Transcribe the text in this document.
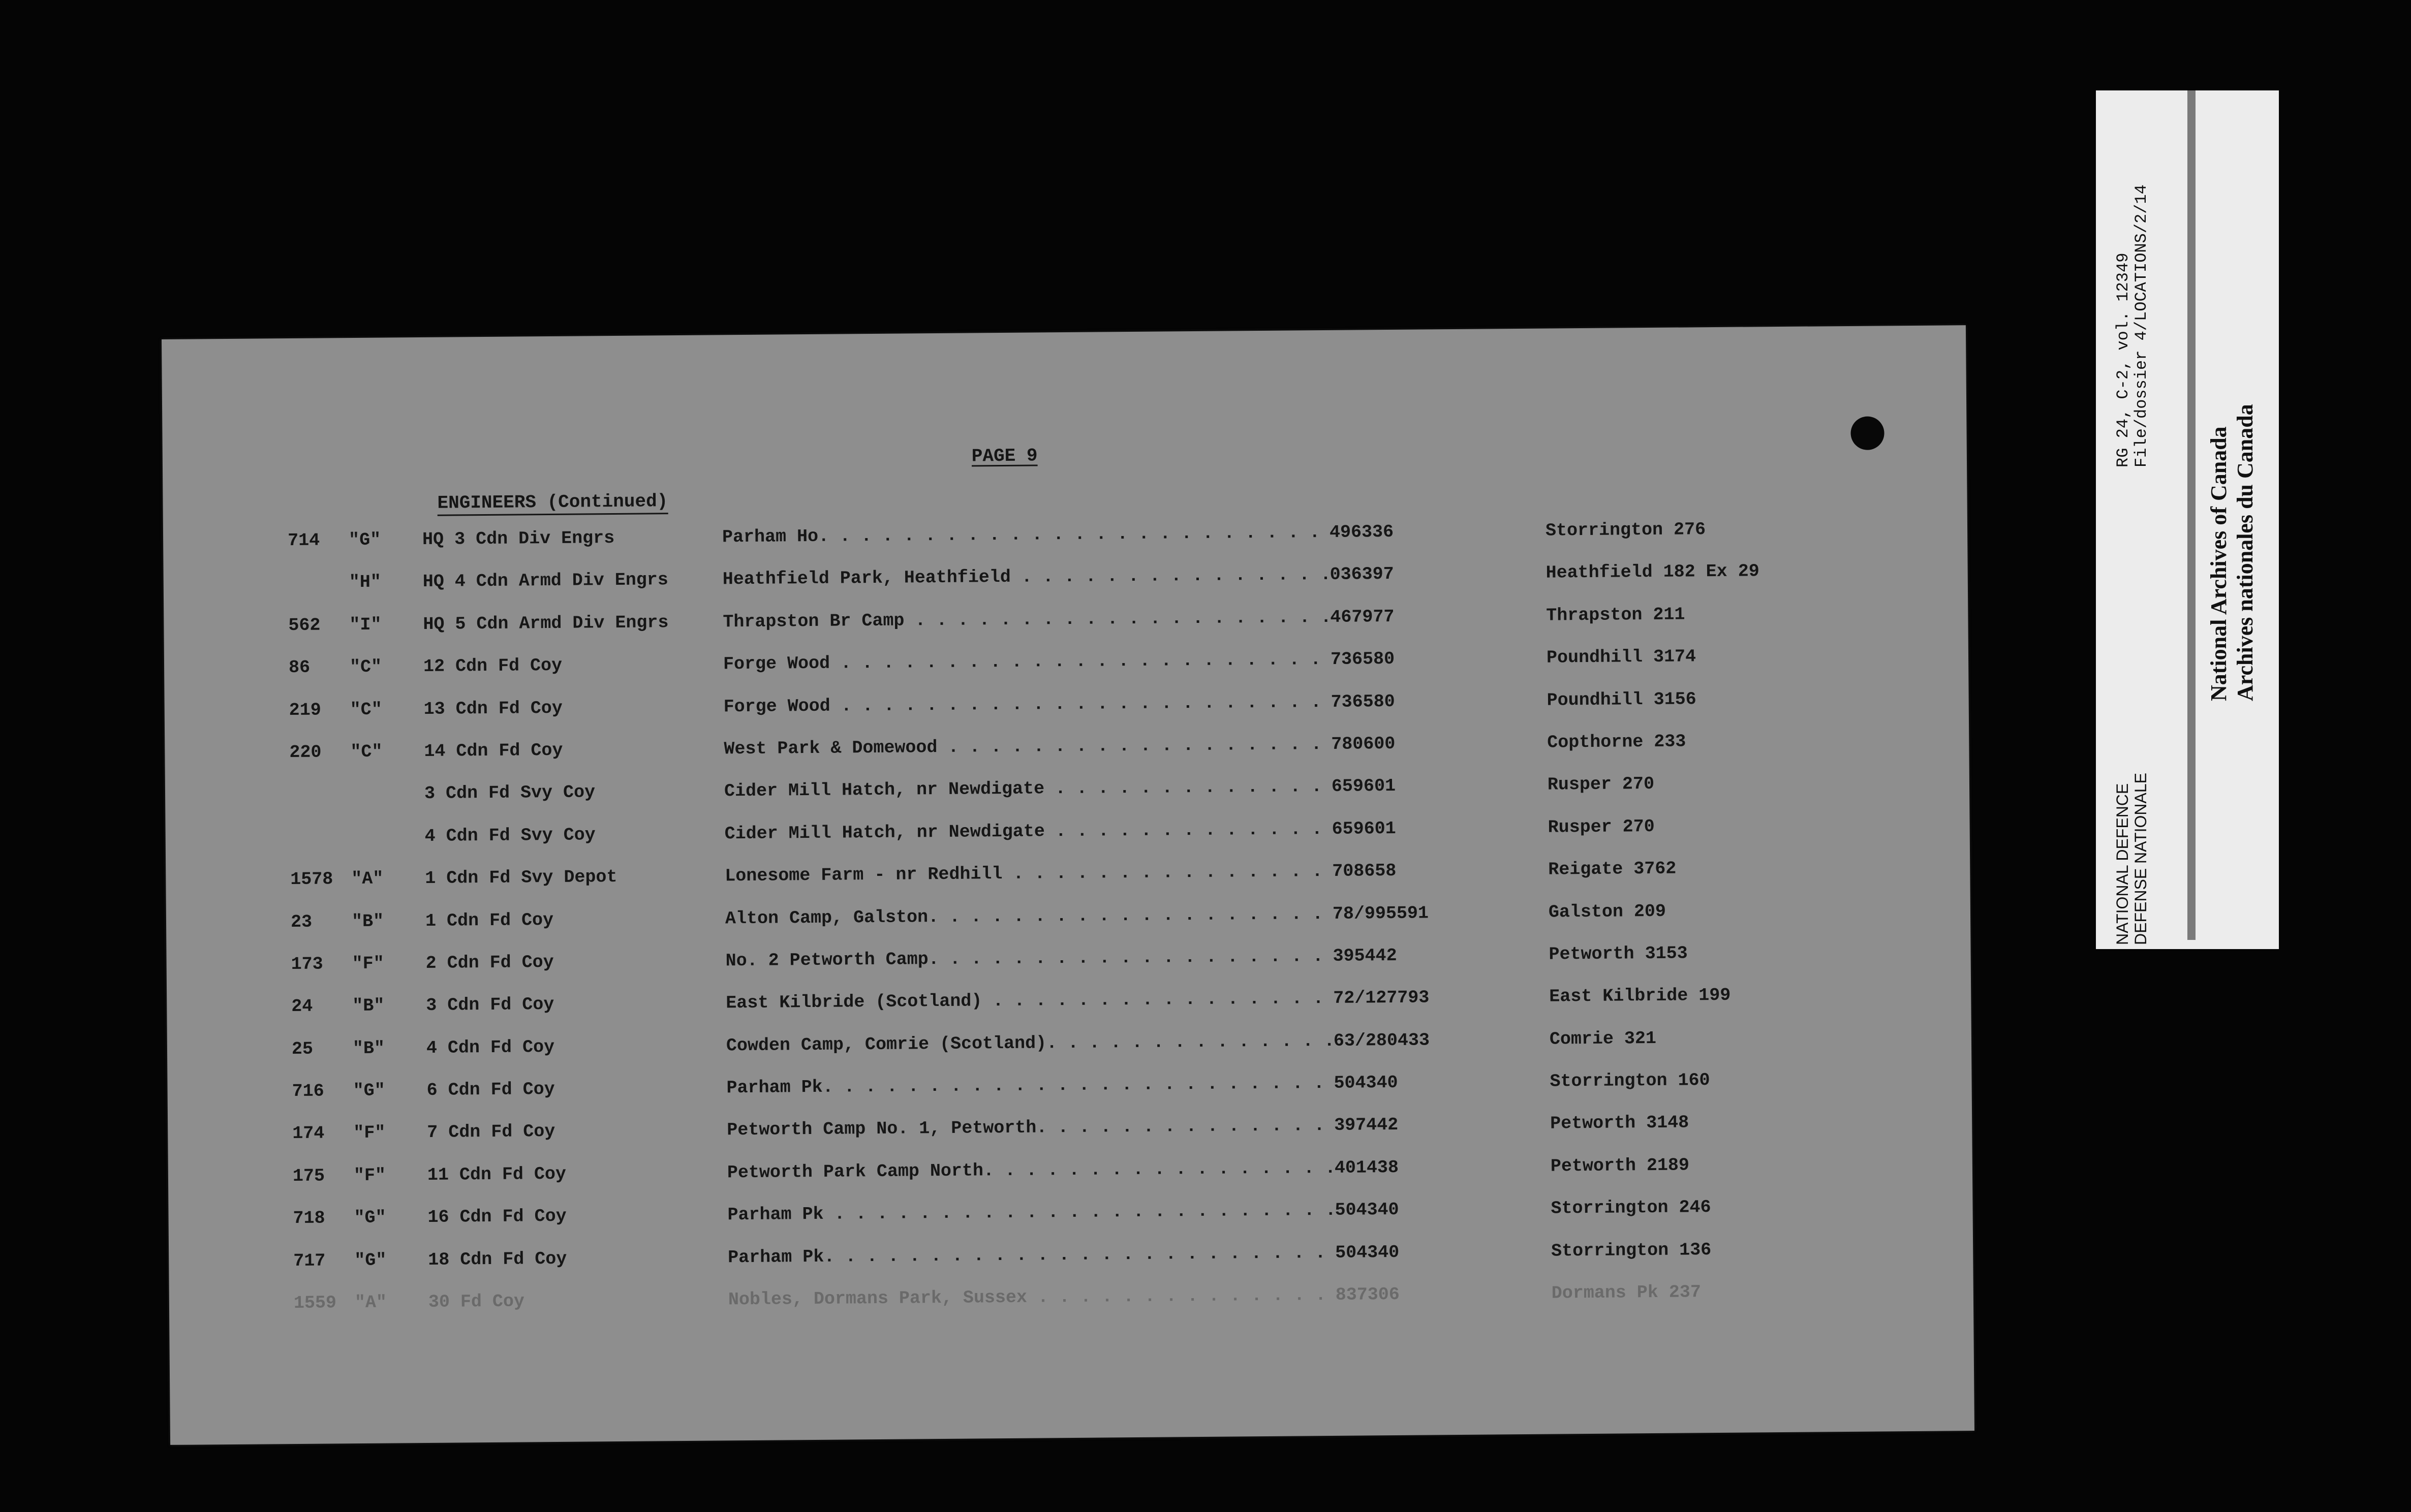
PAGE 9
ENGINEERS (Continued)
714 "G" HQ 3 Cdn Div Engrs	Parham Ho. . . .	496336	Storrington 276
"H" HQ 4 Cdn Armd Div Engrs	Heathfield Park, Heathfield . . .	036397	Heathfield 182 Ex 29
562 "I" HQ 5 Cdn Armd Div Engrs	Thrapston Br Camp . . .	467977	Thrapston 211
86 "C" 12 Cdn Fd Coy	Forge Wood . . .	736580	Poundhill 3174
219 "C" 13 Cdn Fd Coy	Forge Wood . . .	736580	Poundhill 3156
220 "C" 14 Cdn Fd Coy	West Park & Domewood . . .	780600	Copthorne 233
3 Cdn Fd Svy Coy	Cider Mill Hatch, nr Newdigate . . .	659601	Rusper 270
4 Cdn Fd Svy Coy	Cider Mill Hatch, nr Newdigate . . .	659601	Rusper 270
1578 "A" 1 Cdn Fd Svy Depot	Lonesome Farm - nr Redhill . . .	708658	Reigate 3762
23 "B" 1 Cdn Fd Coy	Alton Camp, Galston. . . .	78/995591	Galston 209
173 "F" 2 Cdn Fd Coy	No. 2 Petworth Camp. . . .	395442	Petworth 3153
24 "B" 3 Cdn Fd Coy	East Kilbride (Scotland) . . .	72/127793	East Kilbride 199
25 "B" 4 Cdn Fd Coy	Cowden Camp, Comrie (Scotland). . . .	63/280433	Comrie 321
716 "G" 6 Cdn Fd Coy	Parham Pk. . . .	504340	Storrington 160
174 "F" 7 Cdn Fd Coy	Petworth Camp No. 1, Petworth. . . .	397442	Petworth 3148
175 "F" 11 Cdn Fd Coy	Petworth Park Camp North. . . .	401438	Petworth 2189
718 "G" 16 Cdn Fd Coy	Parham Pk . . .	504340	Storrington 246
717 "G" 18 Cdn Fd Coy	Parham Pk. . . .	504340	Storrington 136
1559 "A" 30 Fd Coy	Nobles, Dormans Park, Sussex . . .	837306	Dormans Pk 237
NATIONAL DEFENCE DEFENSE NATIONALE
RG 24, C-2, vol. 12349 File/dossier 4/LOCATIONS/2/14
National Archives of Canada Archives nationales du Canada
